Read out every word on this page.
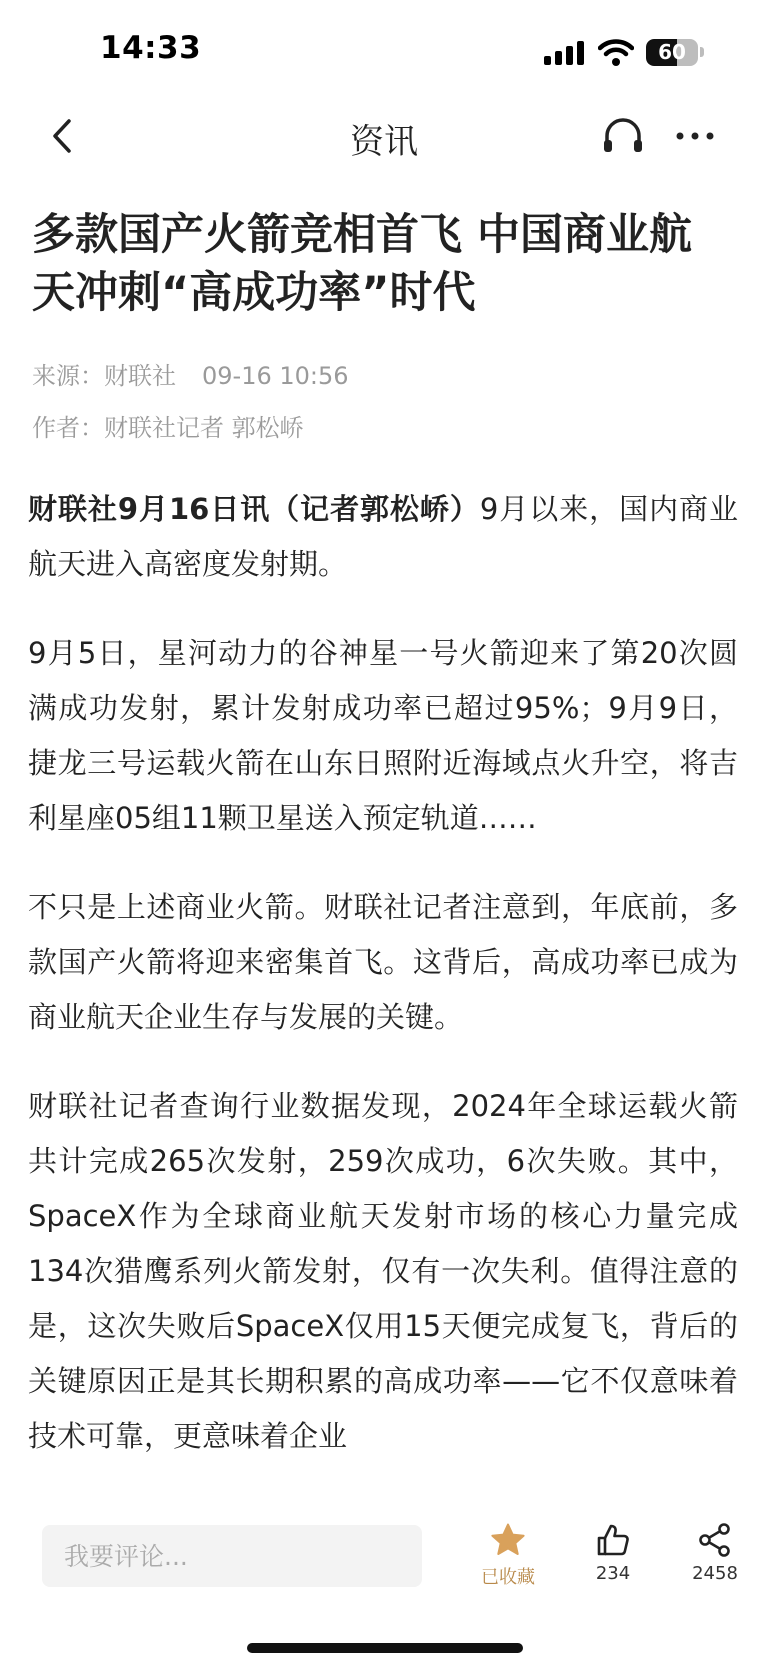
14:33	60
资讯
多款国产火箭竞相首飞 中国商业航天冲刺“高成功率”时代
来源：财联社 09-16 10:56
作者：财联社记者 郭松峤

财联社9月16日讯（记者郭松峤）9月以来，国内商业航天进入高密度发射期。

9月5日，星河动力的谷神星一号火箭迎来了第20次圆满成功发射，累计发射成功率已超过95%；9月9日，捷龙三号运载火箭在山东日照附近海域点火升空，将吉利星座05组11颗卫星送入预定轨道……

不只是上述商业火箭。财联社记者注意到，年底前，多款国产火箭将迎来密集首飞。这背后，高成功率已成为商业航天企业生存与发展的关键。

财联社记者查询行业数据发现，2024年全球运载火箭共计完成265次发射，259次成功，6次失败。其中，SpaceX作为全球商业航天发射市场的核心力量完成134次猎鹰系列火箭发射，仅有一次失利。值得注意的是，这次失败后SpaceX仅用15天便完成复飞，背后的关键原因正是其长期积累的高成功率——它不仅意味着技术可靠，更意味着企业

我要评论...
已收藏	234	2458
